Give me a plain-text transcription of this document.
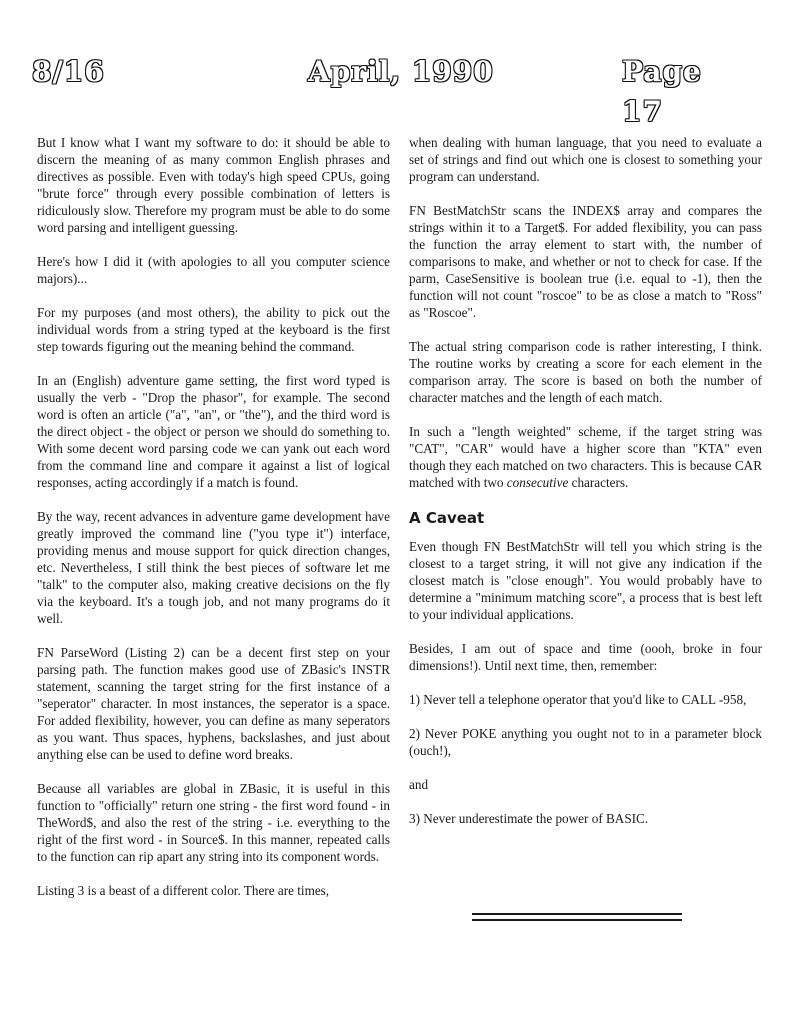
8/16	April, 1990	Page 17

But I know what I want my software to do: it should be able to discern the meaning of as many common English phrases and directives as possible. Even with today's high speed CPUs, going "brute force" through every possible combination of letters is ridiculously slow. Therefore my program must be able to do some word parsing and intelligent guessing.

Here's how I did it (with apologies to all you computer science majors)...

For my purposes (and most others), the ability to pick out the individual words from a string typed at the keyboard is the first step towards figuring out the meaning behind the command.

In an (English) adventure game setting, the first word typed is usually the verb - "Drop the phasor", for example. The second word is often an article ("a", "an", or "the"), and the third word is the direct object - the object or person we should do something to. With some decent word parsing code we can yank out each word from the command line and compare it against a list of logical responses, acting accordingly if a match is found.

By the way, recent advances in adventure game development have greatly improved the command line ("you type it") interface, providing menus and mouse support for quick direction changes, etc. Nevertheless, I still think the best pieces of software let me "talk" to the computer also, making creative decisions on the fly via the keyboard. It's a tough job, and not many programs do it well.

FN ParseWord (Listing 2) can be a decent first step on your parsing path. The function makes good use of ZBasic's INSTR statement, scanning the target string for the first instance of a "seperator" character. In most instances, the seperator is a space. For added flexibility, however, you can define as many seperators as you want. Thus spaces, hyphens, backslashes, and just about anything else can be used to define word breaks.

Because all variables are global in ZBasic, it is useful in this function to "officially" return one string - the first word found - in TheWord$, and also the rest of the string - i.e. everything to the right of the first word - in Source$. In this manner, repeated calls to the function can rip apart any string into its component words.

Listing 3 is a beast of a different color. There are times,

when dealing with human language, that you need to evaluate a set of strings and find out which one is closest to something your program can understand.

FN BestMatchStr scans the INDEX$ array and compares the strings within it to a Target$. For added flexibility, you can pass the function the array element to start with, the number of comparisons to make, and whether or not to check for case. If the parm, CaseSensitive is boolean true (i.e. equal to -1), then the function will not count "roscoe" to be as close a match to "Ross" as "Roscoe".

The actual string comparison code is rather interesting, I think. The routine works by creating a score for each element in the comparison array. The score is based on both the number of character matches and the length of each match.

In such a "length weighted" scheme, if the target string was "CAT", "CAR" would have a higher score than "KTA" even though they each matched on two characters. This is because CAR matched with two consecutive characters.

A Caveat

Even though FN BestMatchStr will tell you which string is the closest to a target string, it will not give any indication if the closest match is "close enough". You would probably have to determine a "minimum matching score", a process that is best left to your individual applications.

Besides, I am out of space and time (oooh, broke in four dimensions!). Until next time, then, remember:

1) Never tell a telephone operator that you'd like to CALL -958,

2) Never POKE anything you ought not to in a parameter block (ouch!),

and

3) Never underestimate the power of BASIC.
